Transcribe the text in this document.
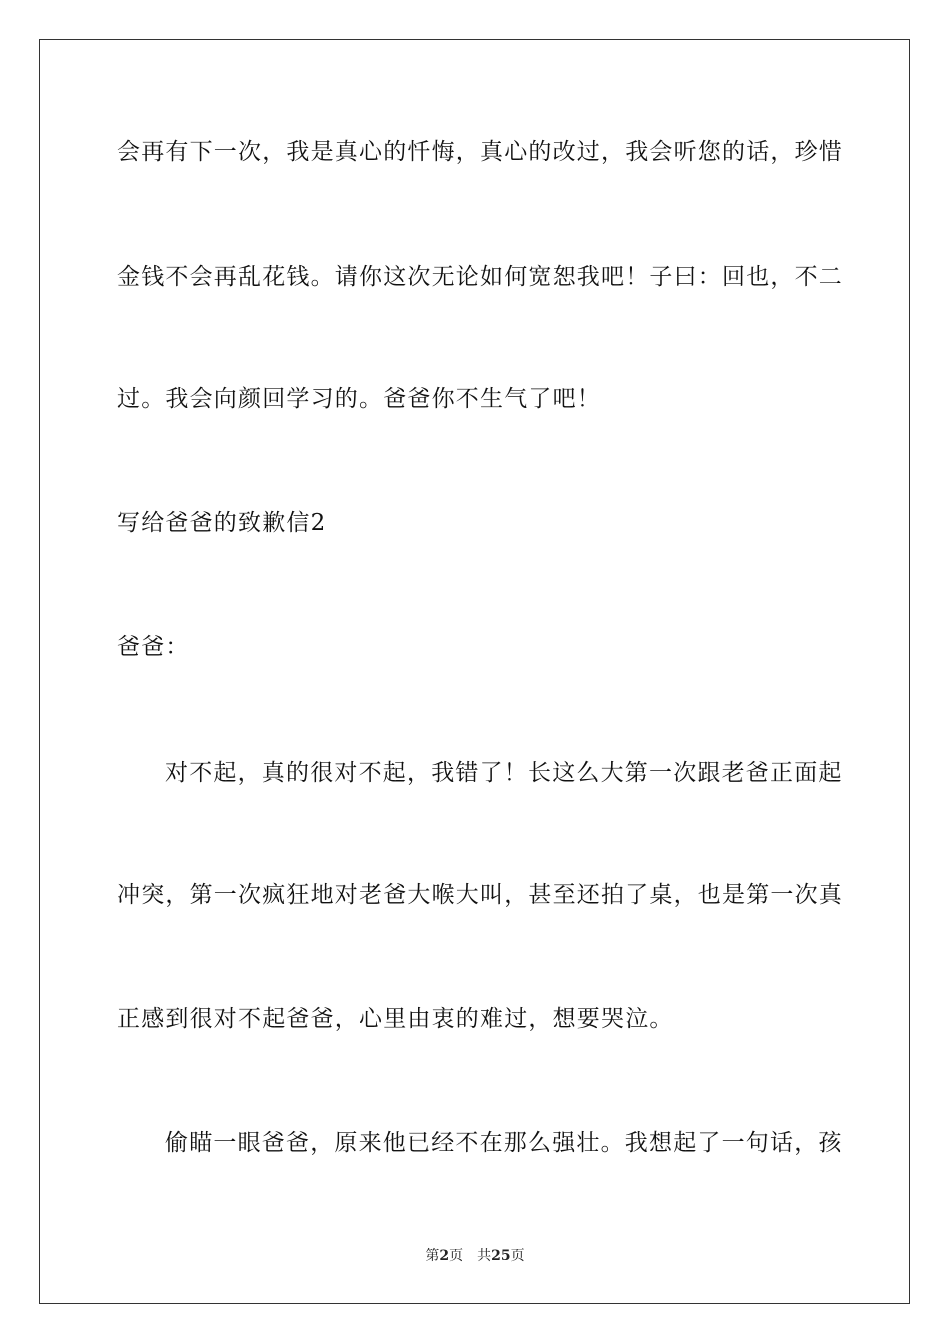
会再有下一次，我是真心的忏悔，真心的改过，我会听您的话，珍惜
金钱不会再乱花钱。请你这次无论如何宽恕我吧！子曰：回也，不二
过。我会向颜回学习的。爸爸你不生气了吧！
写给爸爸的致歉信2
爸爸：
对不起，真的很对不起，我错了！长这么大第一次跟老爸正面起
冲突，第一次疯狂地对老爸大喉大叫，甚至还拍了桌，也是第一次真
正感到很对不起爸爸，心里由衷的难过，想要哭泣。
偷瞄一眼爸爸，原来他已经不在那么强壮。我想起了一句话，孩
第2页 共25页
